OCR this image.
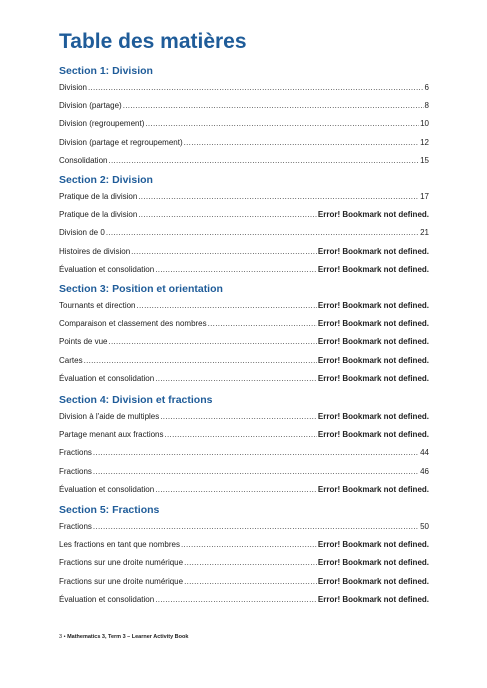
Table des matières
Section 1: Division
Division .....	6
Division (partage) .....	8
Division (regroupement) .....	10
Division (partage et regroupement) .....	12
Consolidation .....	15
Section 2: Division
Pratique de la division .....	17
Pratique de la division .....	Error! Bookmark not defined.
Division de 0 .....	21
Histoires de division .....	Error! Bookmark not defined.
Évaluation et consolidation .....	Error! Bookmark not defined.
Section 3: Position et orientation
Tournants et direction .....	Error! Bookmark not defined.
Comparaison et classement des nombres .....	Error! Bookmark not defined.
Points de vue .....	Error! Bookmark not defined.
Cartes .....	Error! Bookmark not defined.
Évaluation et consolidation .....	Error! Bookmark not defined.
Section 4: Division et fractions
Division à l'aide de multiples .....	Error! Bookmark not defined.
Partage menant aux fractions .....	Error! Bookmark not defined.
Fractions .....	44
Fractions .....	46
Évaluation et consolidation .....	Error! Bookmark not defined.
Section 5: Fractions
Fractions .....	50
Les fractions en tant que nombres .....	Error! Bookmark not defined.
Fractions sur une droite numérique .....	Error! Bookmark not defined.
Fractions sur une droite numérique .....	Error! Bookmark not defined.
Évaluation et consolidation .....	Error! Bookmark not defined.
3 • Mathematics 3, Term 3 – Learner Activity Book
